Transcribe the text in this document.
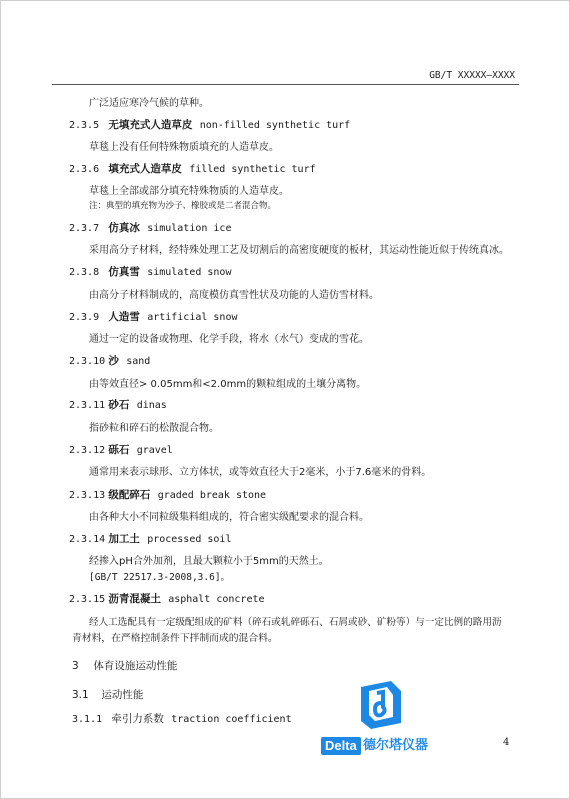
GB/T XXXXX—XXXX
广泛适应寒冷气候的草种。
2.3.5 无填充式人造草皮 non-filled synthetic turf
草毯上没有任何特殊物质填充的人造草皮。
2.3.6 填充式人造草皮 filled synthetic turf
草毯上全部或部分填充特殊物质的人造草皮。
注：典型的填充物为沙子、橡胶或是二者混合物。
2.3.7 仿真冰 simulation ice
采用高分子材料，经特殊处理工艺及切割后的高密度硬度的板材，其运动性能近似于传统真冰。
2.3.8 仿真雪 simulated snow
由高分子材料制成的，高度模仿真雪性状及功能的人造仿雪材料。
2.3.9 人造雪 artificial snow
通过一定的设备或物理、化学手段，将水（水气）变成的雪花。
2.3.10 沙 sand
由等效直径> 0.05mm和<2.0mm的颗粒组成的土壤分离物。
2.3.11 砂石 dinas
指砂粒和碎石的松散混合物。
2.3.12 砾石 gravel
通常用来表示球形、立方体状，或等效直径大于2毫米，小于7.6毫米的骨料。
2.3.13 级配碎石 graded break stone
由各种大小不同粒级集料组成的，符合密实级配要求的混合料。
2.3.14 加工土 processed soil
经掺入pH合外加剂，且最大颗粒小于5mm的天然土。
[GB/T 22517.3-2008,3.6]。
2.3.15 沥青混凝土 asphalt concrete
经人工选配具有一定级配组成的矿料（碎石或轧碎砾石、石屑或砂、矿粉等）与一定比例的路用沥
青材料，在严格控制条件下拌制而成的混合料。
3 体育设施运动性能
3.1 运动性能
3.1.1 牵引力系数 traction coefficient
4
Delta 德尔塔仪器
